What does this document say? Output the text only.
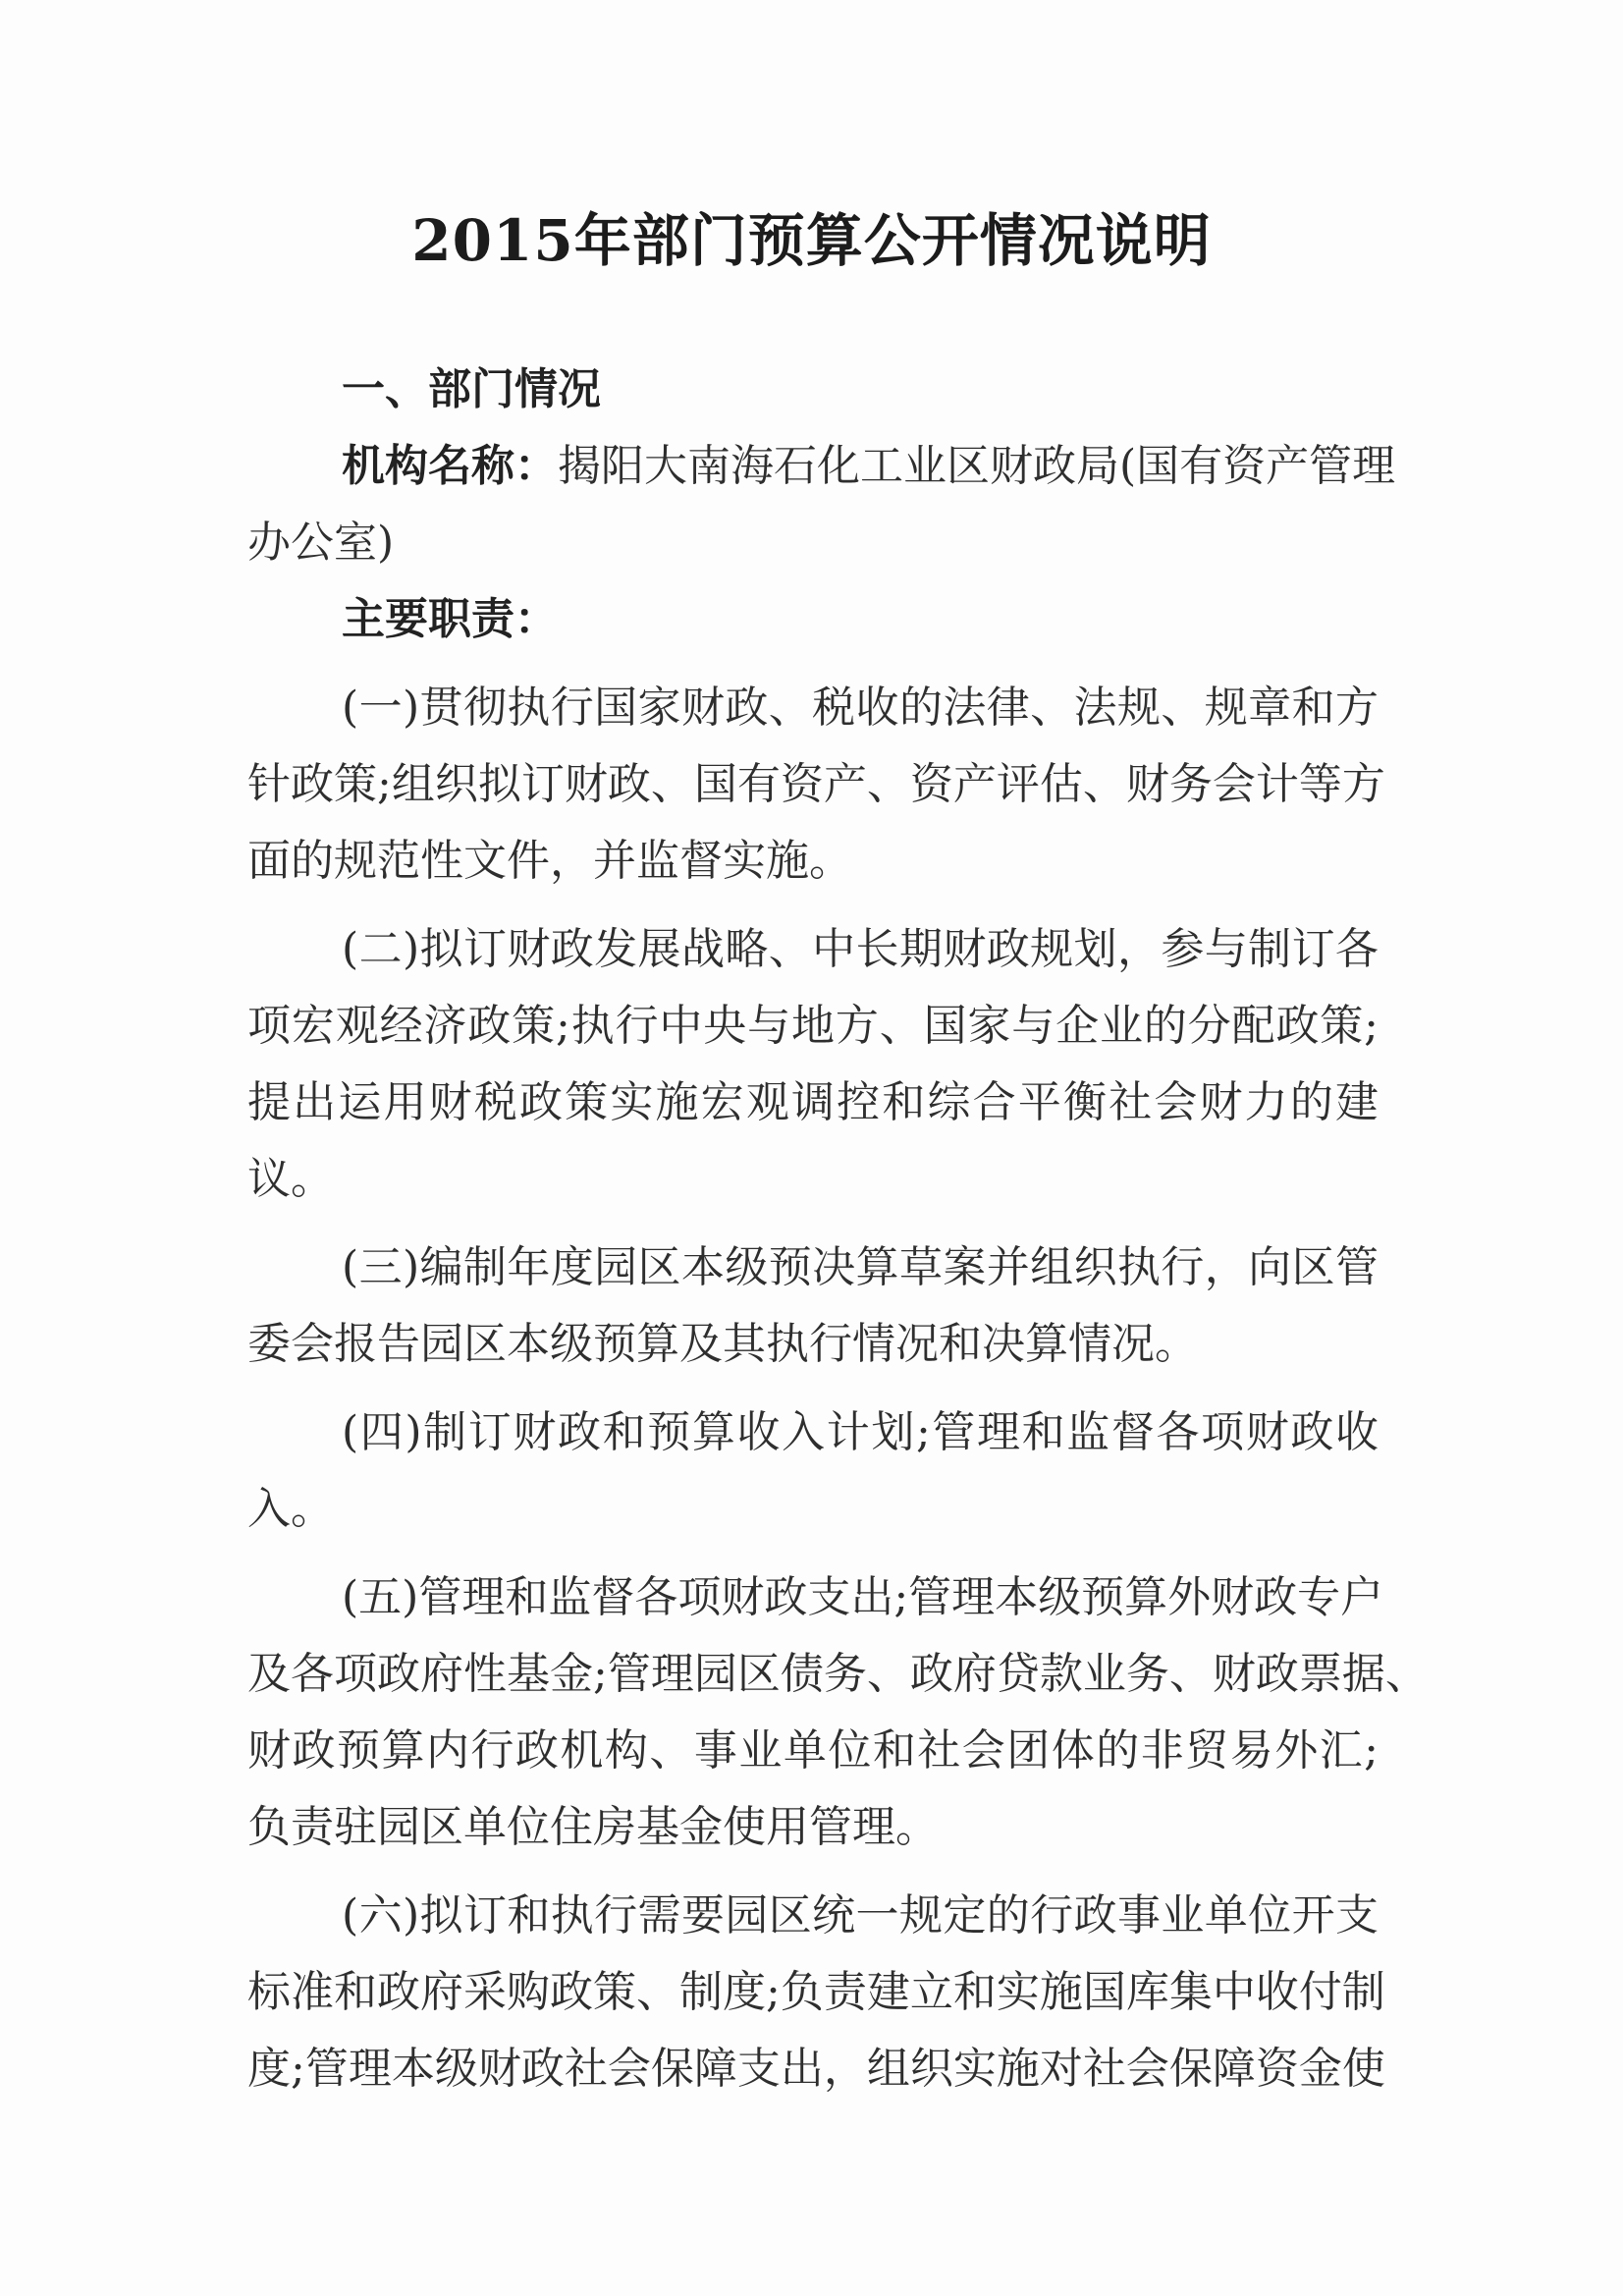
2015年部门预算公开情况说明
一、部门情况
机构名称：揭阳大南海石化工业区财政局(国有资产管理
办公室)
主要职责：
(一)贯彻执行国家财政、税收的法律、法规、规章和方
针政策;组织拟订财政、国有资产、资产评估、财务会计等方
面的规范性文件，并监督实施。
(二)拟订财政发展战略、中长期财政规划，参与制订各
项宏观经济政策;执行中央与地方、国家与企业的分配政策;
提出运用财税政策实施宏观调控和综合平衡社会财力的建
议。
(三)编制年度园区本级预决算草案并组织执行，向区管
委会报告园区本级预算及其执行情况和决算情况。
(四)制订财政和预算收入计划;管理和监督各项财政收
入。
(五)管理和监督各项财政支出;管理本级预算外财政专户
及各项政府性基金;管理园区债务、政府贷款业务、财政票据、
财政预算内行政机构、事业单位和社会团体的非贸易外汇;
负责驻园区单位住房基金使用管理。
(六)拟订和执行需要园区统一规定的行政事业单位开支
标准和政府采购政策、制度;负责建立和实施国库集中收付制
度;管理本级财政社会保障支出，组织实施对社会保障资金使
